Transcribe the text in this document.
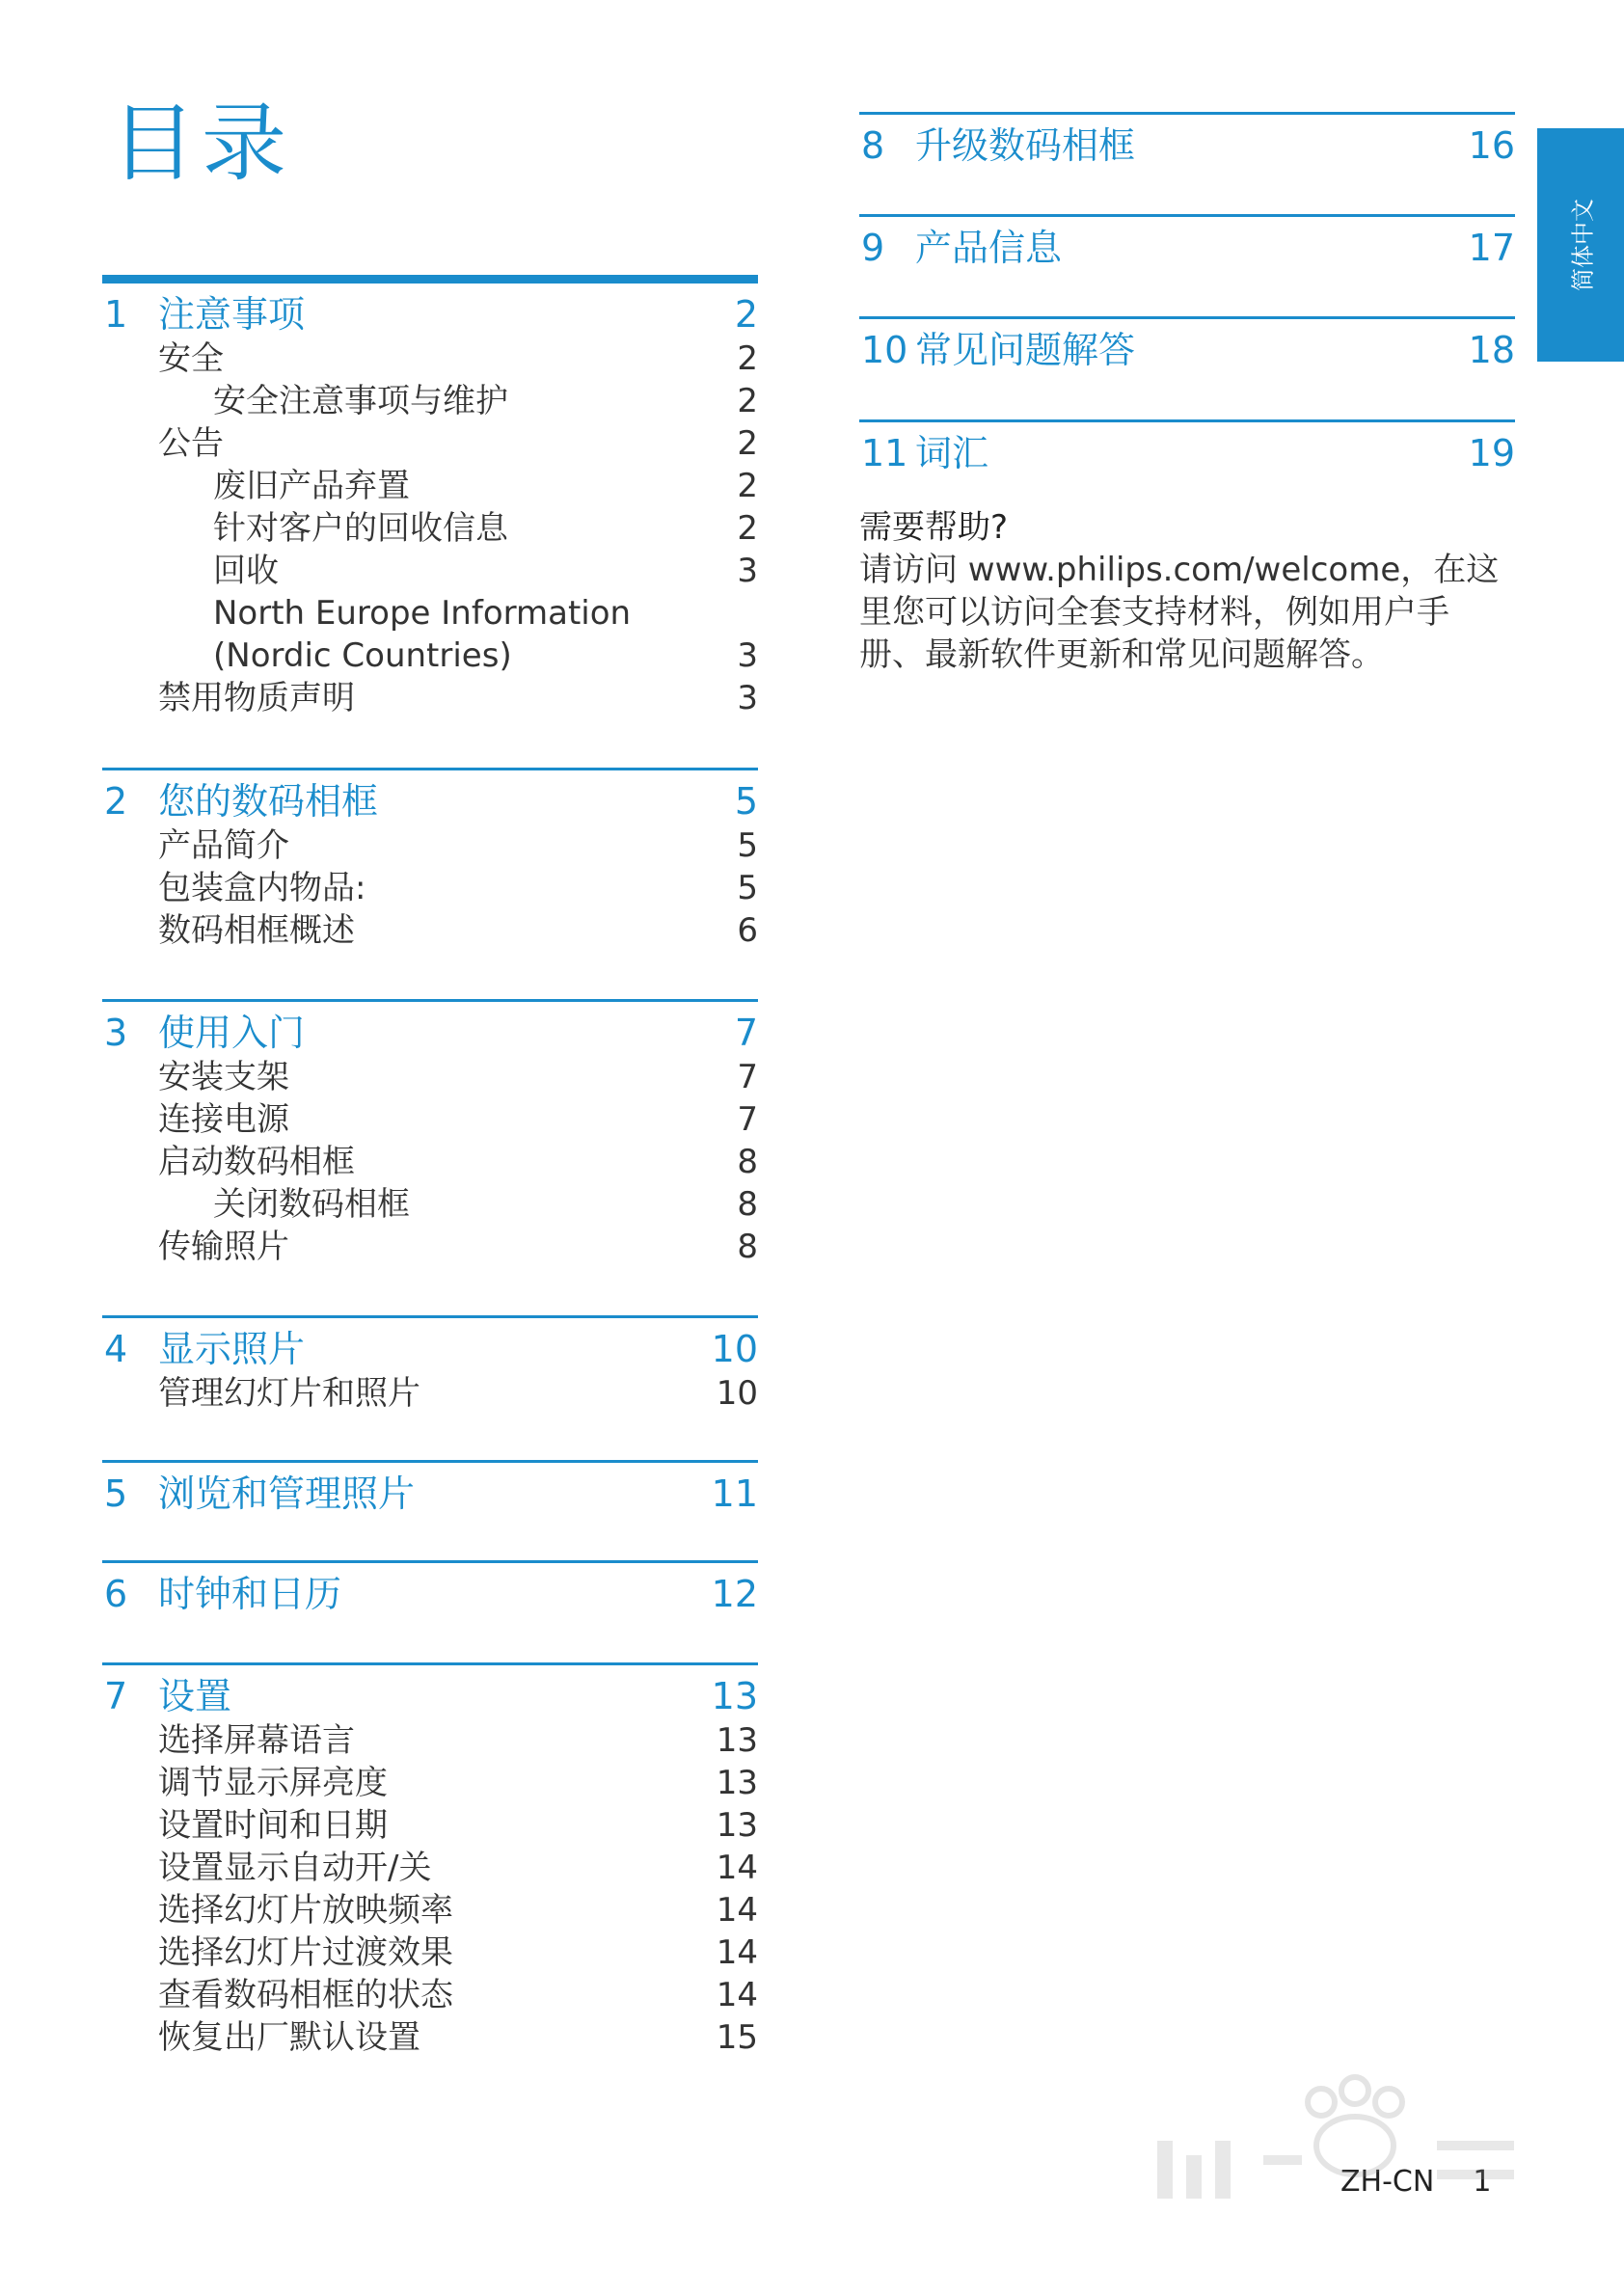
目录
简体中文
1 注意事项	2
安全	2
安全注意事项与维护	2
公告	2
废旧产品弃置	2
针对客户的回收信息	2
回收	3
North Europe Information
(Nordic Countries)	3
禁用物质声明	3
2 您的数码相框	5
产品简介	5
包装盒内物品:	5
数码相框概述	6
3 使用入门	7
安装支架	7
连接电源	7
启动数码相框	8
关闭数码相框	8
传输照片	8
4 显示照片	10
管理幻灯片和照片	10
5 浏览和管理照片	11
6 时钟和日历	12
7 设置	13
选择屏幕语言	13
调节显示屏亮度	13
设置时间和日期	13
设置显示自动开/关	14
选择幻灯片放映频率	14
选择幻灯片过渡效果	14
查看数码相框的状态	14
恢复出厂默认设置	15
8 升级数码相框	16
9 产品信息	17
10 常见问题解答	18
11 词汇	19
需要帮助?
请访问 www.philips.com/welcome，在这
里您可以访问全套支持材料，例如用户手
册、最新软件更新和常见问题解答。
ZH-CN 1
